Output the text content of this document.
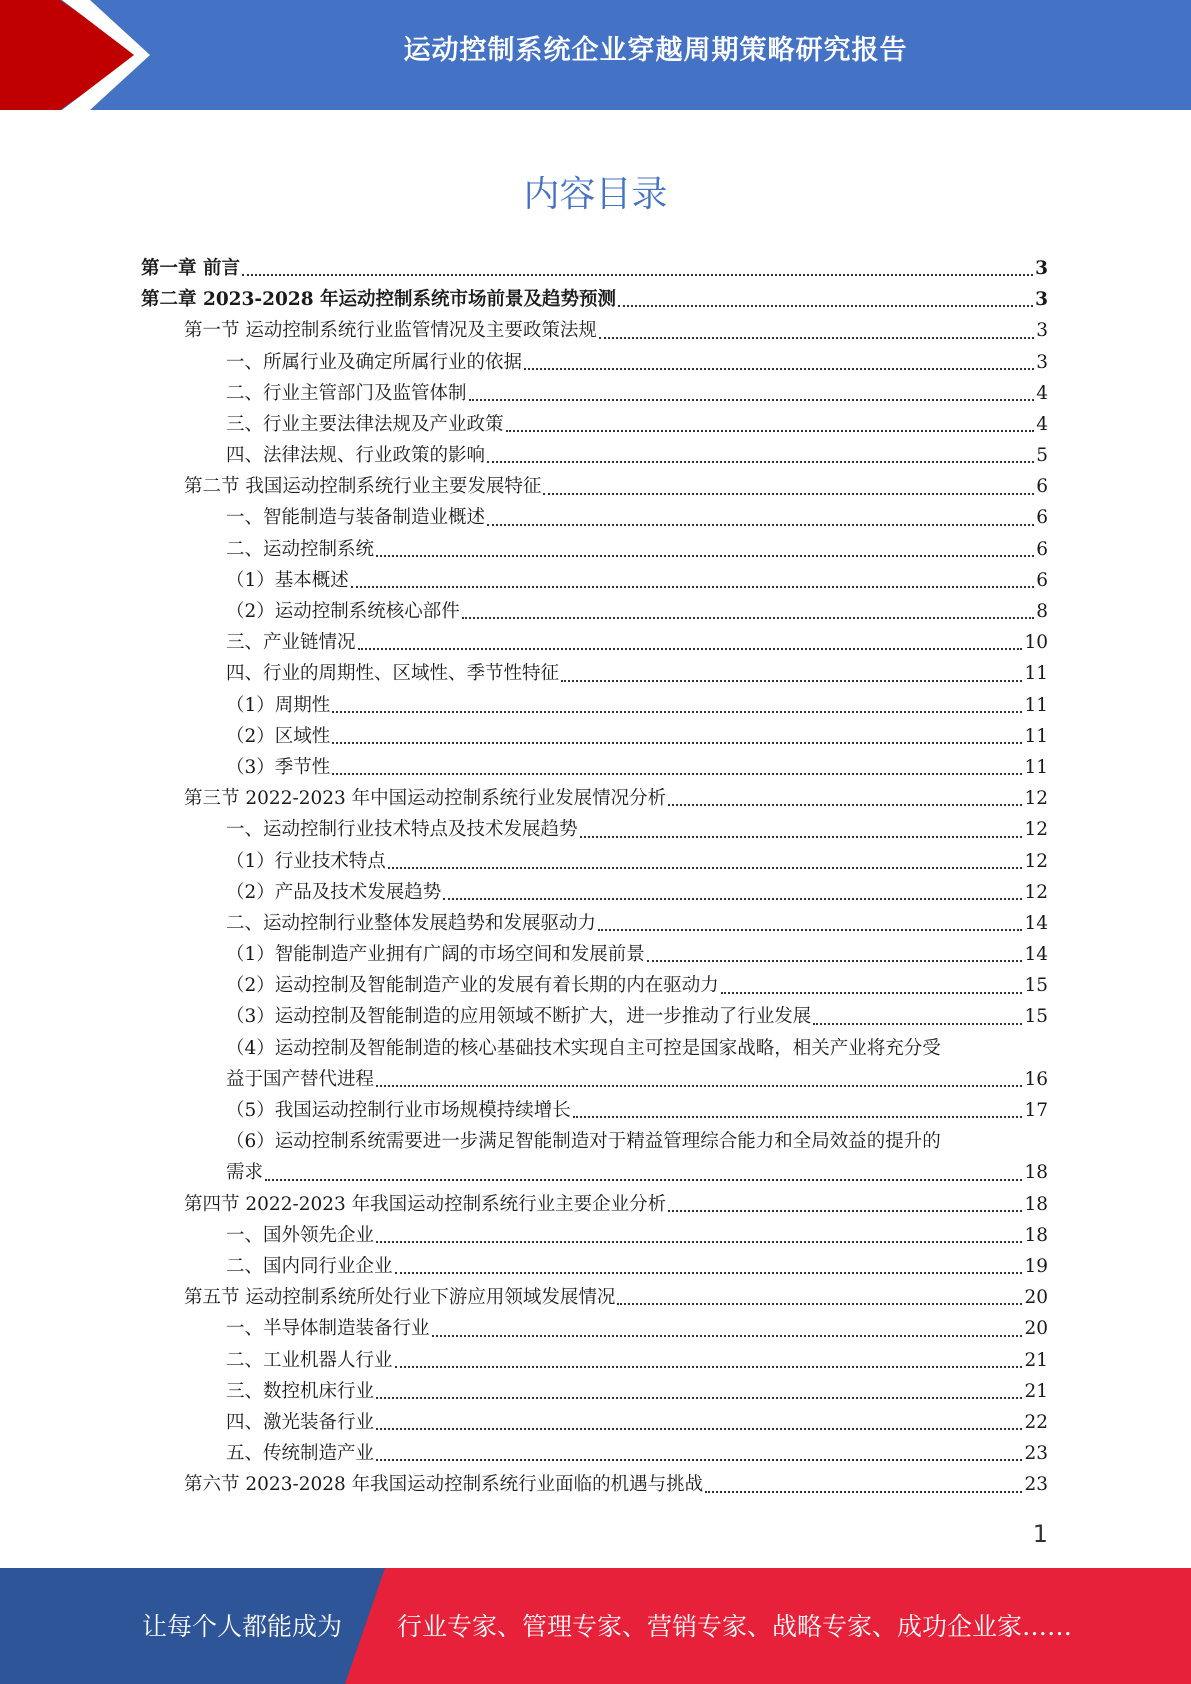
运动控制系统企业穿越周期策略研究报告
内容目录
第一章 前言	3
第二章 2023-2028 年运动控制系统市场前景及趋势预测	3
第一节 运动控制系统行业监管情况及主要政策法规	3
一、所属行业及确定所属行业的依据	3
二、行业主管部门及监管体制	4
三、行业主要法律法规及产业政策	4
四、法律法规、行业政策的影响	5
第二节 我国运动控制系统行业主要发展特征	6
一、智能制造与装备制造业概述	6
二、运动控制系统	6
（1）基本概述	6
（2）运动控制系统核心部件	8
三、产业链情况	10
四、行业的周期性、区域性、季节性特征	11
（1）周期性	11
（2）区域性	11
（3）季节性	11
第三节 2022-2023 年中国运动控制系统行业发展情况分析	12
一、运动控制行业技术特点及技术发展趋势	12
（1）行业技术特点	12
（2）产品及技术发展趋势	12
二、运动控制行业整体发展趋势和发展驱动力	14
（1）智能制造产业拥有广阔的市场空间和发展前景	14
（2）运动控制及智能制造产业的发展有着长期的内在驱动力	15
（3）运动控制及智能制造的应用领域不断扩大，进一步推动了行业发展	15
（4）运动控制及智能制造的核心基础技术实现自主可控是国家战略，相关产业将充分受
益于国产替代进程	16
（5）我国运动控制行业市场规模持续增长	17
（6）运动控制系统需要进一步满足智能制造对于精益管理综合能力和全局效益的提升的
需求	18
第四节 2022-2023 年我国运动控制系统行业主要企业分析	18
一、国外领先企业	18
二、国内同行业企业	19
第五节 运动控制系统所处行业下游应用领域发展情况	20
一、半导体制造装备行业	20
二、工业机器人行业	21
三、数控机床行业	21
四、激光装备行业	22
五、传统制造产业	23
第六节 2023-2028 年我国运动控制系统行业面临的机遇与挑战	23
1
让每个人都能成为 行业专家、管理专家、营销专家、战略专家、成功企业家……
